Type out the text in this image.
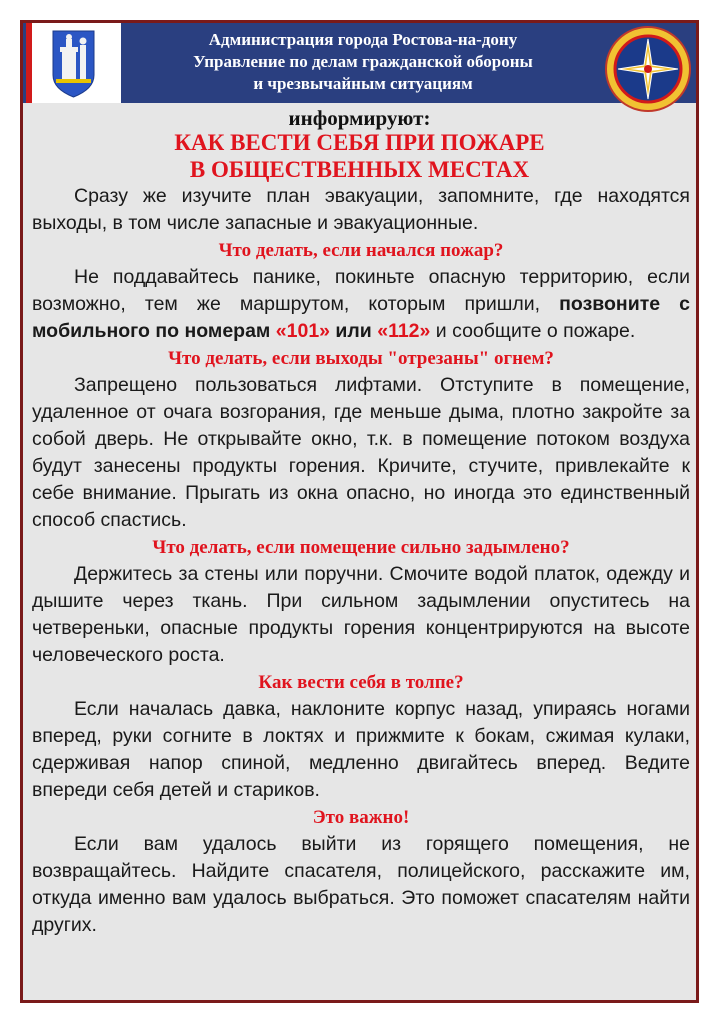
Администрация города Ростова-на-дону
Управление по делам гражданской обороны
и чрезвычайным ситуациям
информируют:
КАК ВЕСТИ СЕБЯ ПРИ ПОЖАРЕ
В ОБЩЕСТВЕННЫХ МЕСТАХ

Сразу же изучите план эвакуации, запомните, где находятся выходы, в том числе запасные и эвакуационные.

Что делать, если начался пожар?

Не поддавайтесь панике, покиньте опасную территорию, если возможно, тем же маршрутом, которым пришли, позвоните с мобильного по номерам «101» или «112» и сообщите о пожаре.

Что делать, если выходы "отрезаны" огнем?

Запрещено пользоваться лифтами. Отступите в помещение, удаленное от очага возгорания, где меньше дыма, плотно закройте за собой дверь. Не открывайте окно, т.к. в помещение потоком воздуха будут занесены продукты горения. Кричите, стучите, привлекайте к себе внимание. Прыгать из окна опасно, но иногда это единственный способ спастись.

Что делать, если помещение сильно задымлено?

Держитесь за стены или поручни. Смочите водой платок, одежду и дышите через ткань. При сильном задымлении опуститесь на четвереньки, опасные продукты горения концентрируются на высоте человеческого роста.

Как вести себя в толпе?

Если началась давка, наклоните корпус назад, упираясь ногами вперед, руки согните в локтях и прижмите к бокам, сжимая кулаки, сдерживая напор спиной, медленно двигайтесь вперед. Ведите впереди себя детей и стариков.

Это важно!

Если вам удалось выйти из горящего помещения, не возвращайтесь. Найдите спасателя, полицейского, расскажите им, откуда именно вам удалось выбраться. Это поможет спасателям найти других.
